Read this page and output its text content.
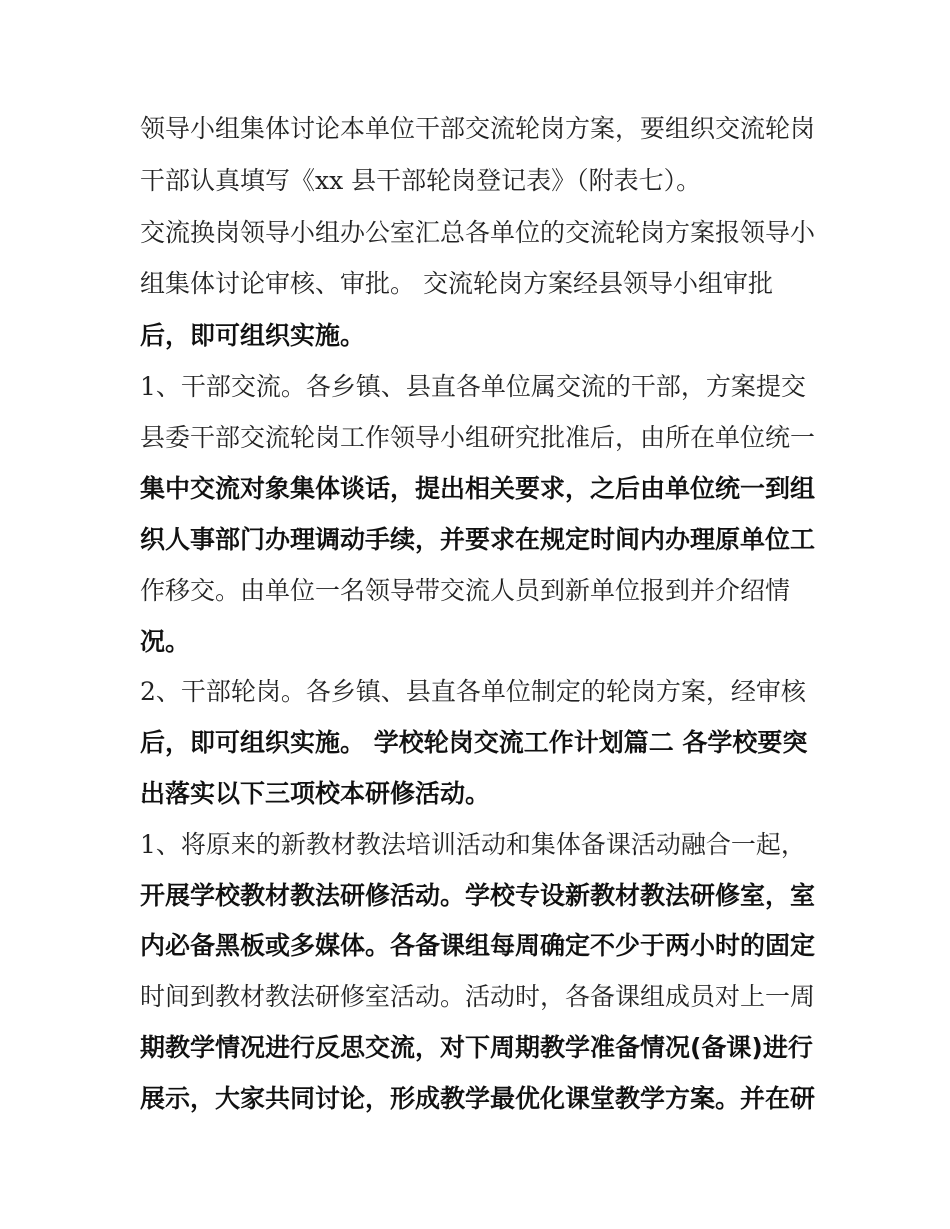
领导小组集体讨论本单位干部交流轮岗方案，要组织交流轮岗
干部认真填写《xx 县干部轮岗登记表》（附表七）。
交流换岗领导小组办公室汇总各单位的交流轮岗方案报领导小
组集体讨论审核、审批。 交流轮岗方案经县领导小组审批
后，即可组织实施。
1、干部交流。各乡镇、县直各单位属交流的干部，方案提交
县委干部交流轮岗工作领导小组研究批准后，由所在单位统一
集中交流对象集体谈话，提出相关要求，之后由单位统一到组
织人事部门办理调动手续，并要求在规定时间内办理原单位工
作移交。由单位一名领导带交流人员到新单位报到并介绍情
况。
2、干部轮岗。各乡镇、县直各单位制定的轮岗方案，经审核
后，即可组织实施。 学校轮岗交流工作计划篇二 各学校要突
出落实以下三项校本研修活动。
1、将原来的新教材教法培训活动和集体备课活动融合一起，
开展学校教材教法研修活动。学校专设新教材教法研修室，室
内必备黑板或多媒体。各备课组每周确定不少于两小时的固定
时间到教材教法研修室活动。活动时，各备课组成员对上一周
期教学情况进行反思交流，对下周期教学准备情况(备课)进行
展示，大家共同讨论，形成教学最优化课堂教学方案。并在研
